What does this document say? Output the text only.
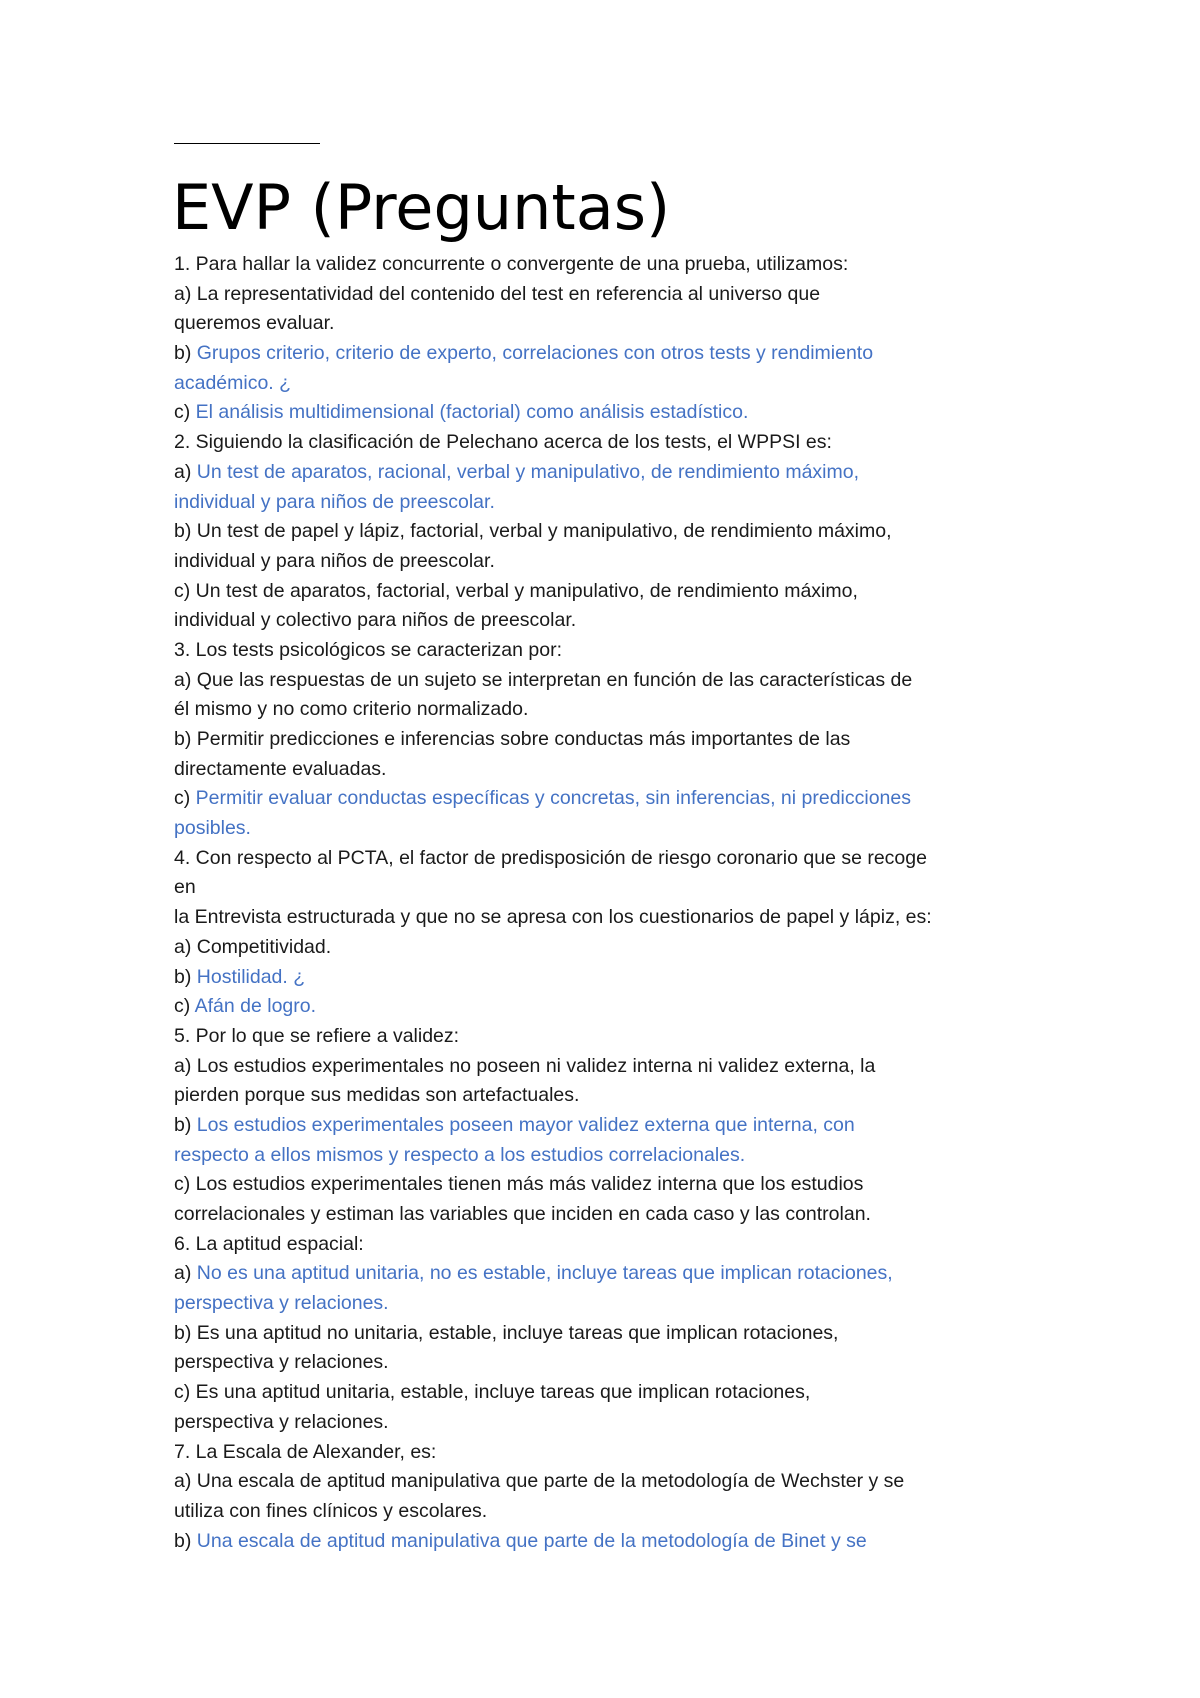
EVP (Preguntas)
1. Para hallar la validez concurrente o convergente de una prueba, utilizamos:
a) La representatividad del contenido del test en referencia al universo que
queremos evaluar.
b) Grupos criterio, criterio de experto, correlaciones con otros tests y rendimiento
académico. ¿
c) El análisis multidimensional (factorial) como análisis estadístico.
2. Siguiendo la clasificación de Pelechano acerca de los tests, el WPPSI es:
a) Un test de aparatos, racional, verbal y manipulativo, de rendimiento máximo,
individual y para niños de preescolar.
b) Un test de papel y lápiz, factorial, verbal y manipulativo, de rendimiento máximo,
individual y para niños de preescolar.
c) Un test de aparatos, factorial, verbal y manipulativo, de rendimiento máximo,
individual y colectivo para niños de preescolar.
3. Los tests psicológicos se caracterizan por:
a) Que las respuestas de un sujeto se interpretan en función de las características de
él mismo y no como criterio normalizado.
b) Permitir predicciones e inferencias sobre conductas más importantes de las
directamente evaluadas.
c) Permitir evaluar conductas específicas y concretas, sin inferencias, ni predicciones
posibles.
4. Con respecto al PCTA, el factor de predisposición de riesgo coronario que se recoge
en
la Entrevista estructurada y que no se apresa con los cuestionarios de papel y lápiz, es:
a) Competitividad.
b) Hostilidad. ¿
c) Afán de logro.
5. Por lo que se refiere a validez:
a) Los estudios experimentales no poseen ni validez interna ni validez externa, la
pierden porque sus medidas son artefactuales.
b) Los estudios experimentales poseen mayor validez externa que interna, con
respecto a ellos mismos y respecto a los estudios correlacionales.
c) Los estudios experimentales tienen más más validez interna que los estudios
correlacionales y estiman las variables que inciden en cada caso y las controlan.
6. La aptitud espacial:
a) No es una aptitud unitaria, no es estable, incluye tareas que implican rotaciones,
perspectiva y relaciones.
b) Es una aptitud no unitaria, estable, incluye tareas que implican rotaciones,
perspectiva y relaciones.
c) Es una aptitud unitaria, estable, incluye tareas que implican rotaciones,
perspectiva y relaciones.
7. La Escala de Alexander, es:
a) Una escala de aptitud manipulativa que parte de la metodología de Wechster y se
utiliza con fines clínicos y escolares.
b) Una escala de aptitud manipulativa que parte de la metodología de Binet y se
